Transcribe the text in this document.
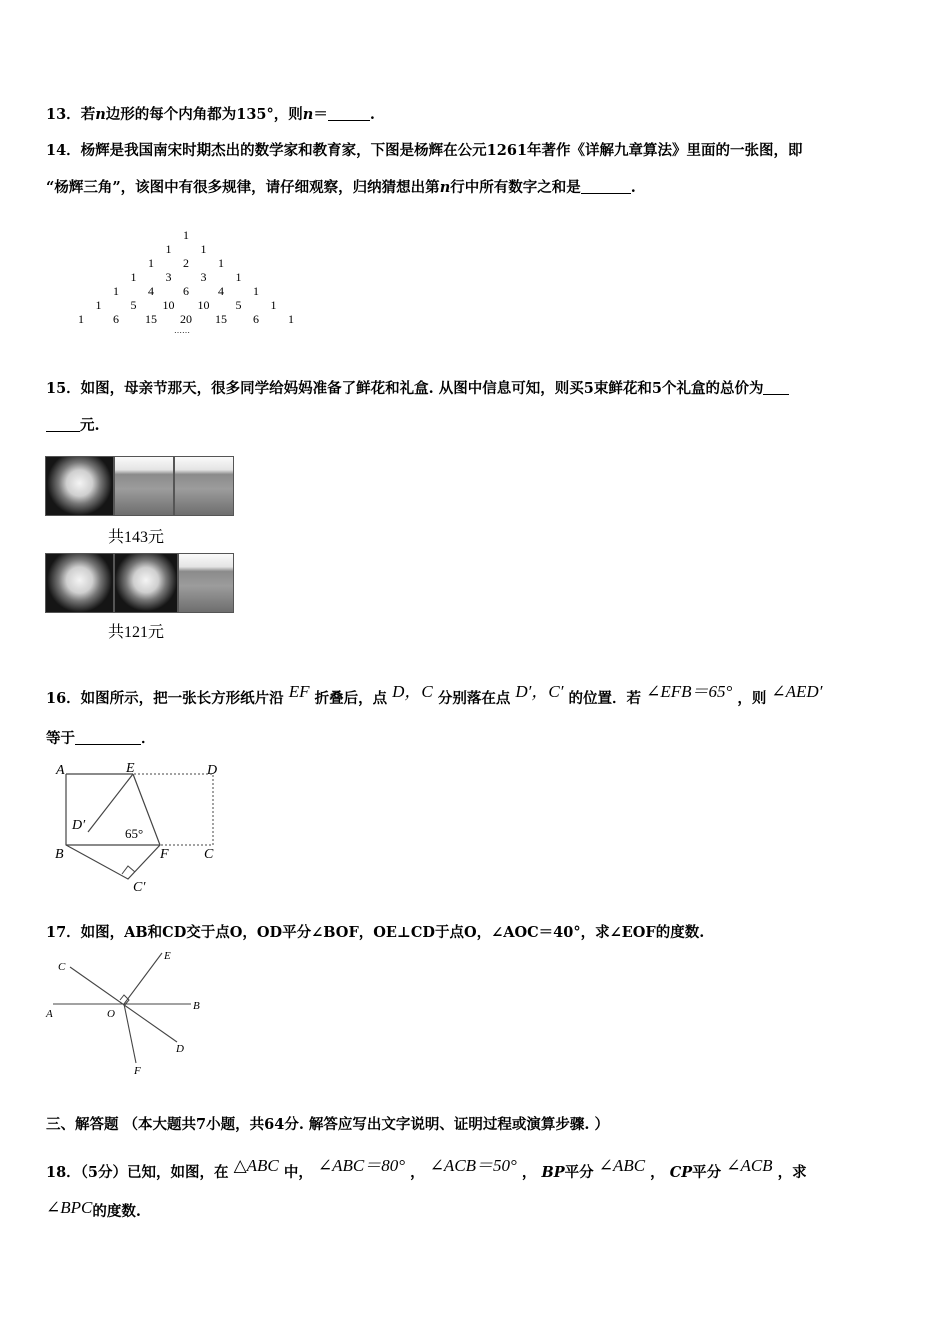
13．若n边形的每个内角都为135°，则n＝	.
14．杨辉是我国南宋时期杰出的数学家和教育家，下图是杨辉在公元1261年著作《详解九章算法》里面的一张图，即
“杨辉三角”，该图中有很多规律，请仔细观察，归纳猜想出第n行中所有数字之和是	.
1
1 1
1 2 1
1 3 3 1
1 4 6 4 1
1 5 10 10 5 1
1 6 15 20 15 6 1
……
15．如图，母亲节那天，很多同学给妈妈准备了鲜花和礼盒. 从图中信息可知，则买5束鲜花和5个礼盒的总价为
元.
共143元
共121元
16．如图所示，把一张长方形纸片沿 EF 折叠后，点 D，C 分别落在点 D′，C′ 的位置．若 ∠EFB＝65° ，则 ∠AED′
等于	．
A	E	D
D′
65°
B	F	C
C′
17．如图，AB和CD交于点O，OD平分∠BOF，OE⊥CD于点O，∠AOC＝40°，求∠EOF的度数.
C
E
A	O
B
D
F
三、解答题 （本大题共7小题，共64分. 解答应写出文字说明、证明过程或演算步骤. ）
18．（5分）已知，如图，在 △ABC 中， ∠ABC＝80° ， ∠ACB＝50° ， BP平分 ∠ABC ， CP平分 ∠ACB ，求
∠BPC的度数.
